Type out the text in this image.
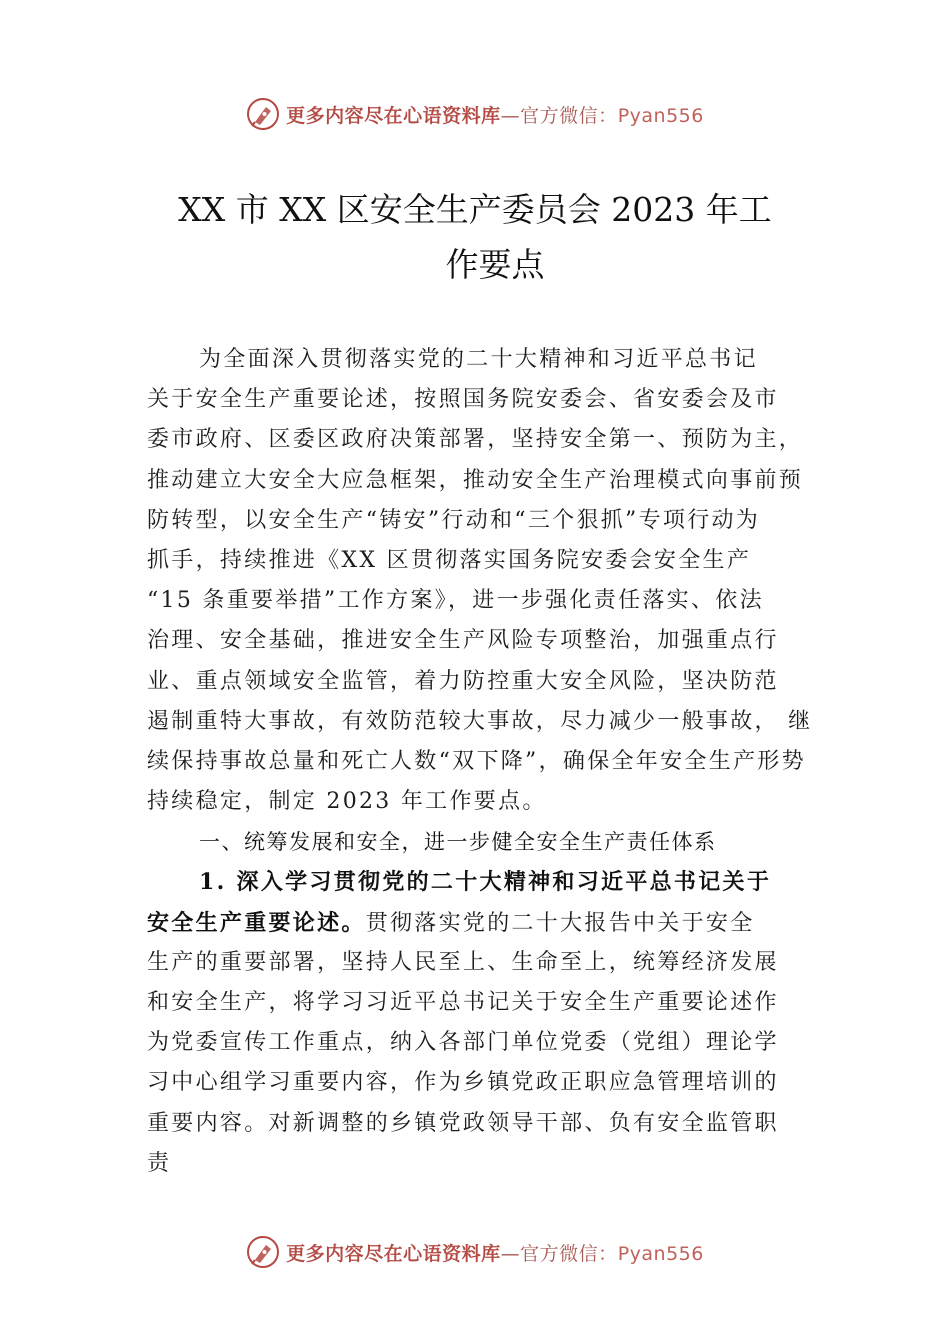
更多内容尽在心语资料库—官方微信：Pyan556
XX 市 XX 区安全生产委员会 2023 年工
作要点
为全面深入贯彻落实党的二十大精神和习近平总书记
关于安全生产重要论述，按照国务院安委会、省安委会及市
委市政府、区委区政府决策部署，坚持安全第一、预防为主，
推动建立大安全大应急框架，推动安全生产治理模式向事前预
防转型，以安全生产“铸安”行动和“三个狠抓”专项行动为
抓手，持续推进《XX 区贯彻落实国务院安委会安全生产
“15 条重要举措”工作方案》，进一步强化责任落实、依法
治理、安全基础，推进安全生产风险专项整治，加强重点行
业、重点领域安全监管，着力防控重大安全风险，坚决防范
遏制重特大事故，有效防范较大事故，尽力减少一般事故， 继
续保持事故总量和死亡人数“双下降”，确保全年安全生产形势
持续稳定，制定 2023 年工作要点。
一、统筹发展和安全，进一步健全安全生产责任体系
1. 深入学习贯彻党的二十大精神和习近平总书记关于
安全生产重要论述。贯彻落实党的二十大报告中关于安全
生产的重要部署，坚持人民至上、生命至上，统筹经济发展
和安全生产，将学习习近平总书记关于安全生产重要论述作
为党委宣传工作重点，纳入各部门单位党委（党组）理论学
习中心组学习重要内容，作为乡镇党政正职应急管理培训的
重要内容。对新调整的乡镇党政领导干部、负有安全监管职
责
更多内容尽在心语资料库—官方微信：Pyan556
